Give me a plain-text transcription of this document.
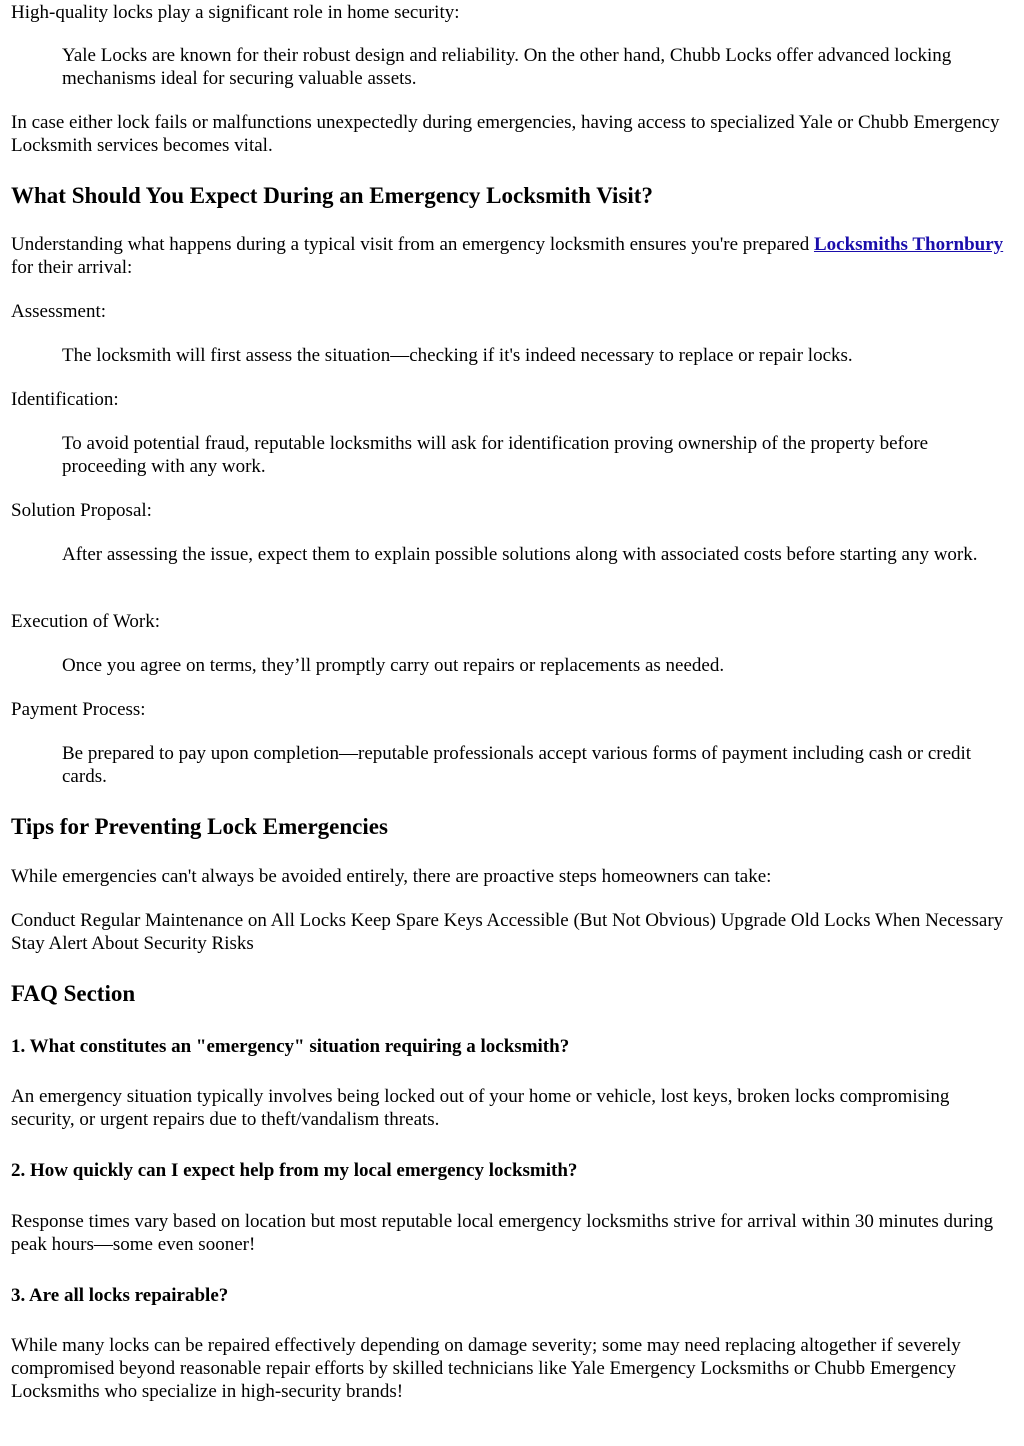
High-quality locks play a significant role in home security:

Yale Locks are known for their robust design and reliability. On the other hand, Chubb Locks offer advanced locking mechanisms ideal for securing valuable assets.

In case either lock fails or malfunctions unexpectedly during emergencies, having access to specialized Yale or Chubb Emergency Locksmith services becomes vital.

What Should You Expect During an Emergency Locksmith Visit?

Understanding what happens during a typical visit from an emergency locksmith ensures you're prepared Locksmiths Thornbury for their arrival:

Assessment:

The locksmith will first assess the situation—checking if it's indeed necessary to replace or repair locks.

Identification:

To avoid potential fraud, reputable locksmiths will ask for identification proving ownership of the property before proceeding with any work.

Solution Proposal:

After assessing the issue, expect them to explain possible solutions along with associated costs before starting any work.

Execution of Work:

Once you agree on terms, they’ll promptly carry out repairs or replacements as needed.

Payment Process:

Be prepared to pay upon completion—reputable professionals accept various forms of payment including cash or credit cards.

Tips for Preventing Lock Emergencies

While emergencies can't always be avoided entirely, there are proactive steps homeowners can take:

Conduct Regular Maintenance on All Locks Keep Spare Keys Accessible (But Not Obvious) Upgrade Old Locks When Necessary Stay Alert About Security Risks

FAQ Section
1. What constitutes an "emergency" situation requiring a locksmith?

An emergency situation typically involves being locked out of your home or vehicle, lost keys, broken locks compromising security, or urgent repairs due to theft/vandalism threats.

2. How quickly can I expect help from my local emergency locksmith?

Response times vary based on location but most reputable local emergency locksmiths strive for arrival within 30 minutes during peak hours—some even sooner!

3. Are all locks repairable?

While many locks can be repaired effectively depending on damage severity; some may need replacing altogether if severely compromised beyond reasonable repair efforts by skilled technicians like Yale Emergency Locksmiths or Chubb Emergency Locksmiths who specialize in high-security brands!
